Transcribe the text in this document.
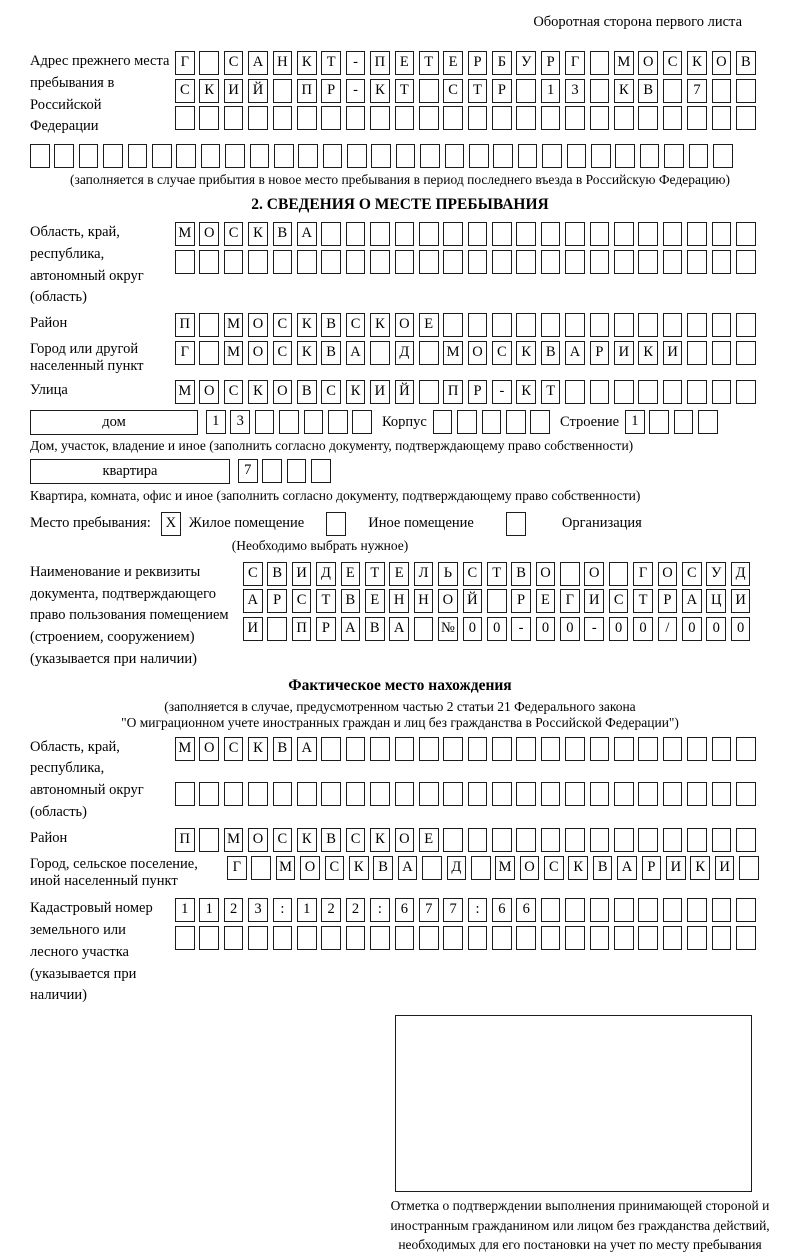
Оборотная сторона первого листа
Адрес прежнего места пребывания в Российской Федерации
Г	С А Н К	Т	-	П	Е	Т	Е	Р	Б	У	Р	Г	М О С	К О В
С	К И Й	П	Р	-	К	Т	С	Т	Р	1	3	К	В	7
(заполняется в случае прибытия в новое место пребывания в период последнего въезда в Российскую Федерацию)
2. СВЕДЕНИЯ О МЕСТЕ ПРЕБЫВАНИЯ
Область, край, республика, автономный округ (область)
М О С	К	В А
Район	П	М О С	К	В	С	К О	Е
Город или другой населенный пункт
Г	М О С	К	В А	Д	М О С	К	В А	Р	И К И
Улица	М О С	К О В	С	К И Й	П	Р	-	К	Т
дом	1	3	Корпус	Строение 1
Дом, участок, владение и иное (заполнить согласно документу, подтверждающему право собственности)
квартира	7
Квартира, комната, офис и иное (заполнить согласно документу, подтверждающему право собственности)
Место пребывания:	X Жилое помещение	Иное помещение	Организация
(Необходимо выбрать нужное)
Наименование и реквизиты документа, подтверждающего право пользования помещением (строением, сооружением) (указывается при наличии)
С	В И Д	Е	Т	Е	Л	Ь	С	Т	В О	О	Г	О С У Д
А	Р	С	Т	В	Е	Н Н О Й	Р	Е	Г	И С	Т	Р	А Ц И
И	П	Р	А В А	№ 0	0	-	0	0	-	0	0	/	0	0	0
Фактическое место нахождения
(заполняется в случае, предусмотренном частью 2 статьи 21 Федерального закона
"О миграционном учете иностранных граждан и лиц без гражданства в Российской Федерации")
Область, край, республика, автономный округ (область)
М О С	К	В А
Район	П	М О С	К	В	С	К О	Е
Город, сельское поселение, иной населенный пункт
Г	М О С	К	В А	Д	М О С	К	В А	Р	И К И
Кадастровый номер земельного или лесного участка (указывается при наличии)
1	1	2	3	:	1	2	2	:	6	7	7	:	6	6
Отметка о подтверждении выполнения принимающей стороной и иностранным гражданином или лицом без гражданства действий, необходимых для его постановки на учет по месту пребывания
